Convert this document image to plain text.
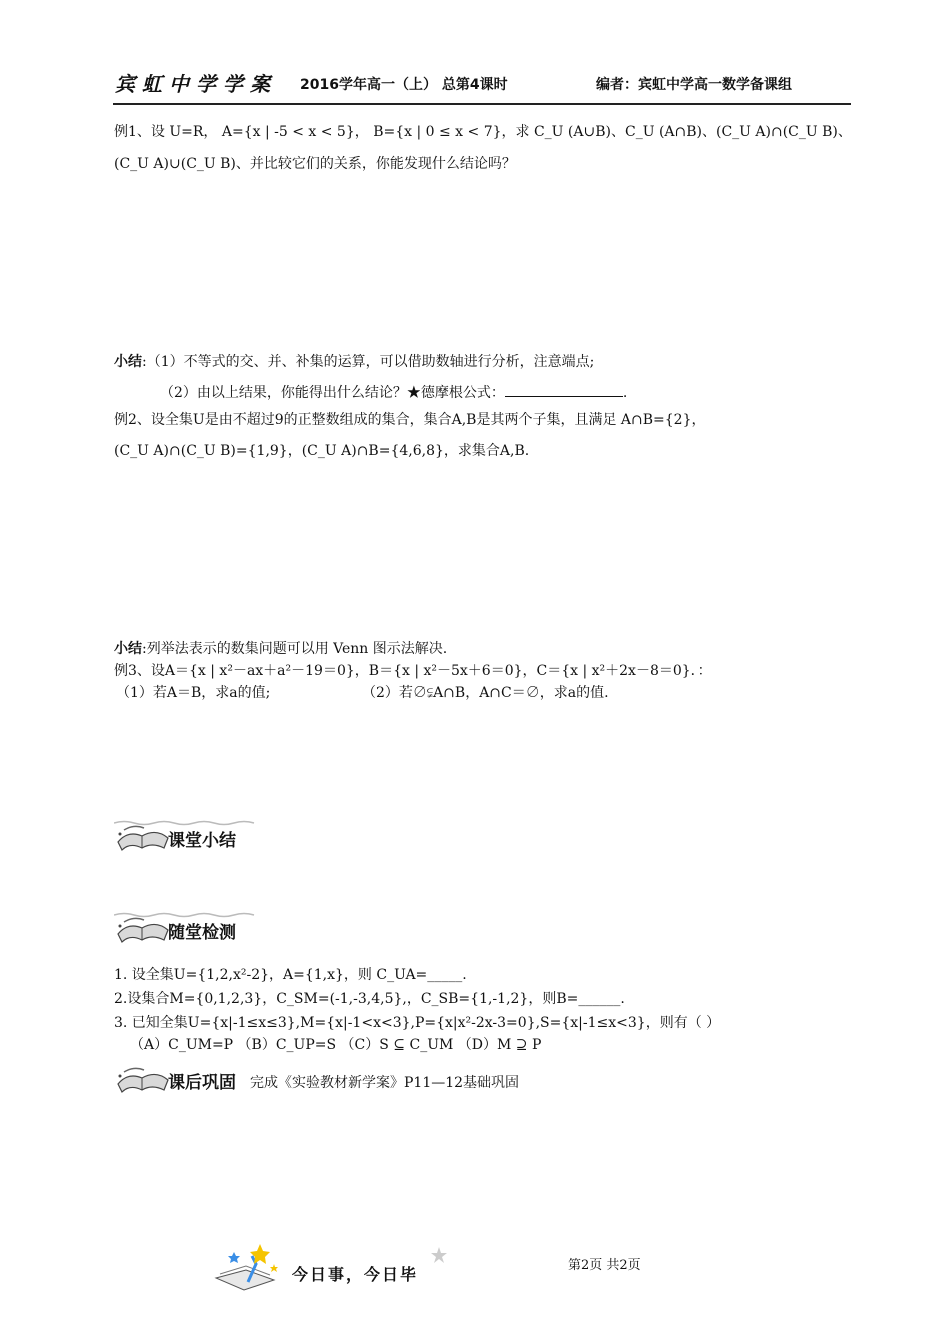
宾虹中学学案 2016学年高一（上） 总第4课时	编者：宾虹中学高一数学备课组
例1、设 U=R， A={x | -5 < x < 5}， B={x | 0 ≤ x < 7}，求 C_U (A∪B)、C_U (A∩B)、(C_U A)∩(C_U B)、
(C_U A)∪(C_U B)、并比较它们的关系，你能发现什么结论吗？
小结:（1）不等式的交、并、补集的运算，可以借助数轴进行分析，注意端点;
（2）由以上结果，你能得出什么结论？★德摩根公式：	.
例2、设全集U是由不超过9的正整数组成的集合，集合A,B是其两个子集，且满足 A∩B={2}，
(C_U A)∩(C_U B)={1,9}，(C_U A)∩B={4,6,8}，求集合A,B.
小结:列举法表示的数集问题可以用 Venn 图示法解决.
例3、设A＝{x | x²－ax＋a²－19＝0}，B＝{x | x²－5x＋6＝0}，C＝{x | x²＋2x－8＝0}．：
（1）若A＝B，求a的值;	（2）若∅⫋A∩B，A∩C＝∅，求a的值.
课堂小结
随堂检测
1. 设全集U={1,2,x²-2}，A={1,x}，则 C_UA=_____.
2.设集合M={0,1,2,3}，C_SM=(-1,-3,4,5},，C_SB={1,-1,2}，则B=______.
3. 已知全集U={x|-1≤x≤3},M={x|-1<x<3},P={x|x²-2x-3=0},S={x|-1≤x<3}，则有（ ）
（A）C_UM=P （B）C_UP=S （C）S ⊆ C_UM （D）M ⊇ P
课后巩固 完成《实验教材新学案》P11—12基础巩固
今日事，今日毕	第2页 共2页
